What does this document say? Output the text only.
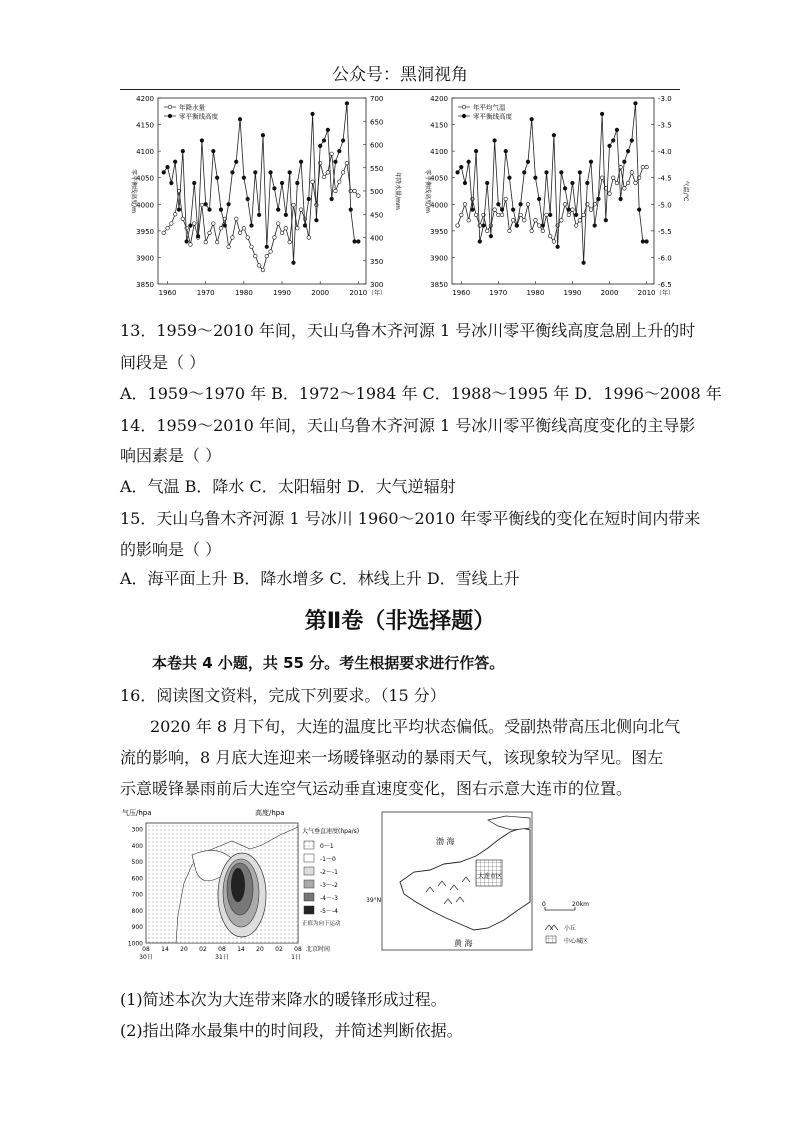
公众号：黑洞视角
3850
3900
3950
4000
4050
4100
4150
4200
300
350
400
450
500
550
600
650
700
1960	1970	1980	1990	2000	2010 （年）
零平衡线高度/m	年降水量/mm
年降水量
零平衡线高度
3850
3900
3950
4000
4050
4100
4150
4200
-6.5
-6.0
-5.5
-5.0
-4.5
-4.0
-3.5
-3.0
1960	1970	1980	1990	2000	2010 （年）
零平衡线高度/m	气温/℃
年平均气温
零平衡线高度
13．1959～2010 年间，天山乌鲁木齐河源 1 号冰川零平衡线高度急剧上升的时
间段是（ ）
A．1959～1970 年 B．1972～1984 年 C．1988～1995 年 D．1996～2008 年
14．1959～2010 年间，天山乌鲁木齐河源 1 号冰川零平衡线高度变化的主导影
响因素是（ ）
A．气温 B．降水 C．太阳辐射 D．大气逆辐射
15．天山乌鲁木齐河源 1 号冰川 1960～2010 年零平衡线的变化在短时间内带来
的影响是（ ）
A．海平面上升 B．降水增多 C．林线上升 D．雪线上升
第Ⅱ卷（非选择题）
本卷共 4 小题，共 55 分。考生根据要求进行作答。
16．阅读图文资料，完成下列要求。（15 分）
2020 年 8 月下旬，大连的温度比平均状态偏低。受副热带高压北侧向北气
流的影响，8 月底大连迎来一场暖锋驱动的暴雨天气，该现象较为罕见。图左
示意暖锋暴雨前后大连空气运动垂直速度变化，图右示意大连市的位置。
气压/hpa	高度/hpa
300
400
500
600
700
800
900
1000
08 14 20 02 08 14 20 02 08 北京时间
30日	31日	1日
大气垂直速度(hpa/s)
0～1
-1～0
-2～-1
-3～-2
-4～-3
-5～-4
正值为向下运动
渤 海
黄 海
大连市区
39°N
0	20km
小丘
中心城区
(1)简述本次为大连带来降水的暖锋形成过程。
(2)指出降水最集中的时间段，并简述判断依据。
